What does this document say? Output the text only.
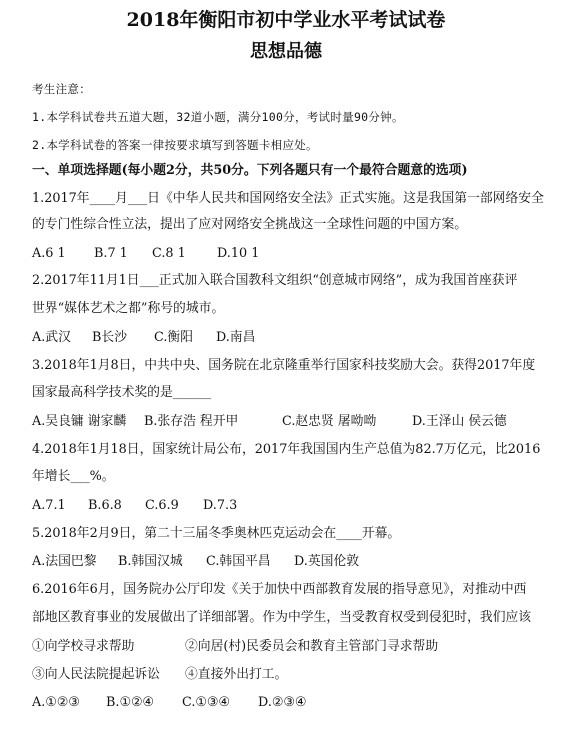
2018年衡阳市初中学业水平考试试卷
思想品德
考生注意：
1.本学科试卷共五道大题，32道小题，满分100分，考试时量90分钟。
2.本学科试卷的答案一律按要求填写到答题卡相应处。
一、单项选择题(每小题2分，共50分。下列各题只有一个最符合题意的选项)
1.2017年____月___日《中华人民共和国网络安全法》正式实施。这是我国第一部网络安全
的专门性综合性立法，提出了应对网络安全挑战这一全球性问题的中国方案。
A.6 1 B.7 1 C.8 1 D.10 1
2.2017年11月1日___正式加入联合国教科文组织“创意城市网络”，成为我国首座获评
世界“媒体艺术之都”称号的城市。
A.武汉 B长沙 C.衡阳 D.南昌
3.2018年1月8日，中共中央、国务院在北京隆重举行国家科技奖励大会。获得2017年度
国家最高科学技术奖的是______
A.吴良镛 谢家麟 B.张存浩 程开甲	C.赵忠贤 屠呦呦	D.王泽山 侯云德
4.2018年1月18日，国家统计局公布，2017年我国国内生产总值为82.7万亿元，比2016
年增长___%。
A.7.1 B.6.8 C.6.9 D.7.3
5.2018年2月9日，第二十三届冬季奥林匹克运动会在____开幕。
A.法国巴黎 B.韩国汉城 C.韩国平昌 D.英国伦敦
6.2016年6月，国务院办公厅印发《关于加快中西部教育发展的指导意见》，对推动中西
部地区教育事业的发展做出了详细部署。作为中学生，当受教育权受到侵犯时，我们应该
①向学校寻求帮助	②向居(村)民委员会和教育主管部门寻求帮助
③向人民法院提起诉讼 ④直接外出打工。
A.①②③ B.①②④ C.①③④ D.②③④
